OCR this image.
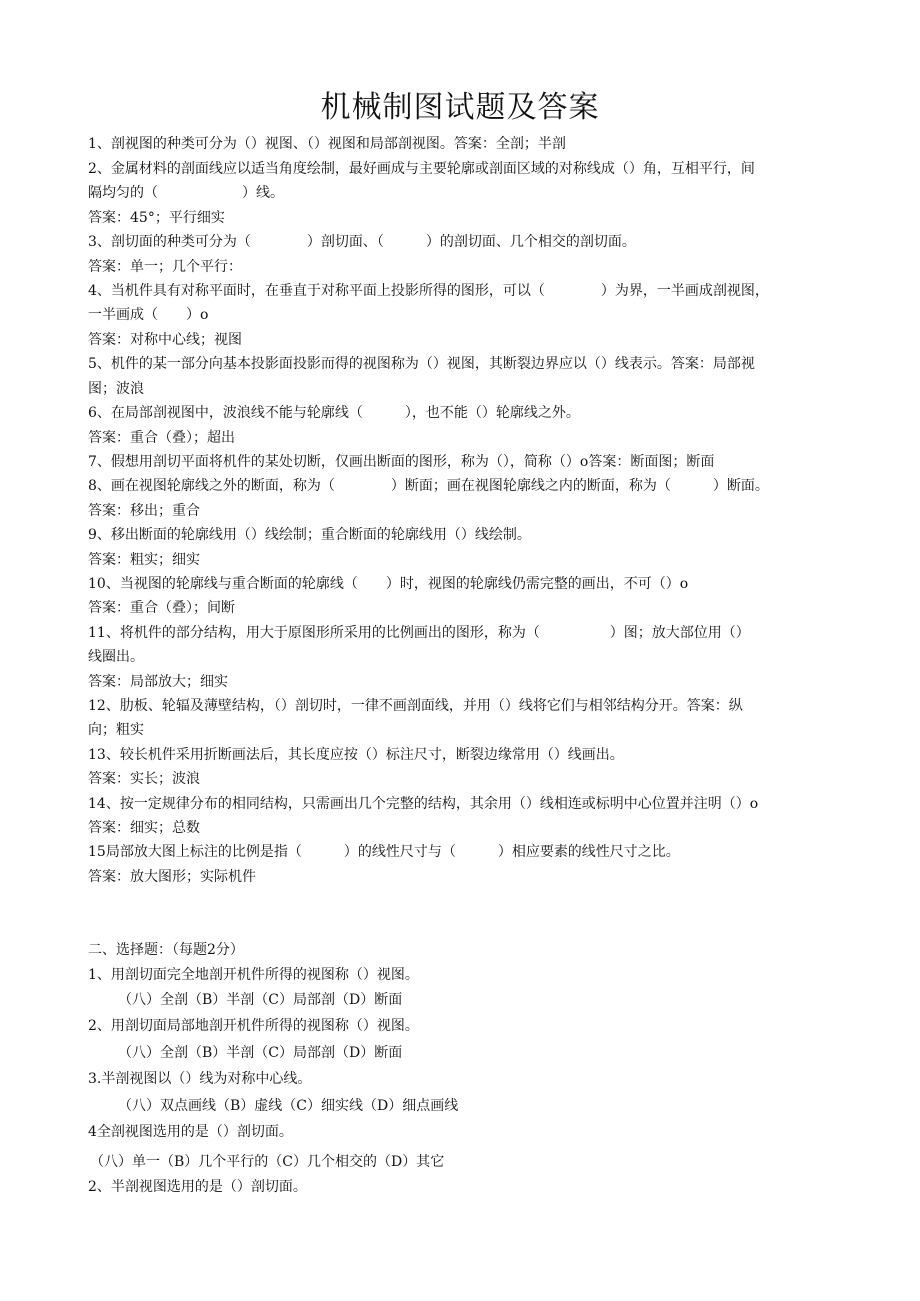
机械制图试题及答案
1、剖视图的种类可分为（）视图、（）视图和局部剖视图。答案：全剖；半剖
2、金属材料的剖面线应以适当角度绘制，最好画成与主要轮廓或剖面区域的对称线成（）角，互相平行，间
隔均匀的（　　　　　　）线。
答案：45°；平行细实
3、剖切面的种类可分为（　　　　）剖切面、（　　　）的剖切面、几个相交的剖切面。
答案：单一；几个平行：
4、当机件具有对称平面时，在垂直于对称平面上投影所得的图形，可以（　　　　）为界，一半画成剖视图，
一半画成（　　）o
答案：对称中心线；视图
5、机件的某一部分向基本投影面投影而得的视图称为（）视图，其断裂边界应以（）线表示。答案：局部视
图；波浪
6、在局部剖视图中，波浪线不能与轮廓线（　　　），也不能（）轮廓线之外。
答案：重合（叠）；超出
7、假想用剖切平面将机件的某处切断，仅画出断面的图形，称为（），简称（）o答案：断面图；断面
8、画在视图轮廓线之外的断面，称为（　　　　）断面；画在视图轮廓线之内的断面，称为（　　　）断面。
答案：移出；重合
9、移出断面的轮廓线用（）线绘制；重合断面的轮廓线用（）线绘制。
答案：粗实；细实
10、当视图的轮廓线与重合断面的轮廓线（　　）时，视图的轮廓线仍需完整的画出，不可（）o
答案：重合（叠）；间断
11、将机件的部分结构，用大于原图形所采用的比例画出的图形，称为（　　　　　）图；放大部位用（）
线圈出。
答案：局部放大；细实
12、肋板、轮辐及薄壁结构，（）剖切时，一律不画剖面线，并用（）线将它们与相邻结构分开。答案：纵
向；粗实
13、较长机件采用折断画法后，其长度应按（）标注尺寸，断裂边缘常用（）线画出。
答案：实长；波浪
14、按一定规律分布的相同结构，只需画出几个完整的结构，其余用（）线相连或标明中心位置并注明（）o
答案：细实；总数
15局部放大图上标注的比例是指（　　　）的线性尺寸与（　　　）相应要素的线性尺寸之比。
答案：放大图形；实际机件
二、选择题：（每题2分）
1、用剖切面完全地剖开机件所得的视图称（）视图。
（八）全剖（B）半剖（C）局部剖（D）断面
2、用剖切面局部地剖开机件所得的视图称（）视图。
（八）全剖（B）半剖（C）局部剖（D）断面
3.半剖视图以（）线为对称中心线。
（八）双点画线（B）虚线（C）细实线（D）细点画线
4全剖视图选用的是（）剖切面。
（八）单一（B）几个平行的（C）几个相交的（D）其它
2、半剖视图选用的是（）剖切面。
